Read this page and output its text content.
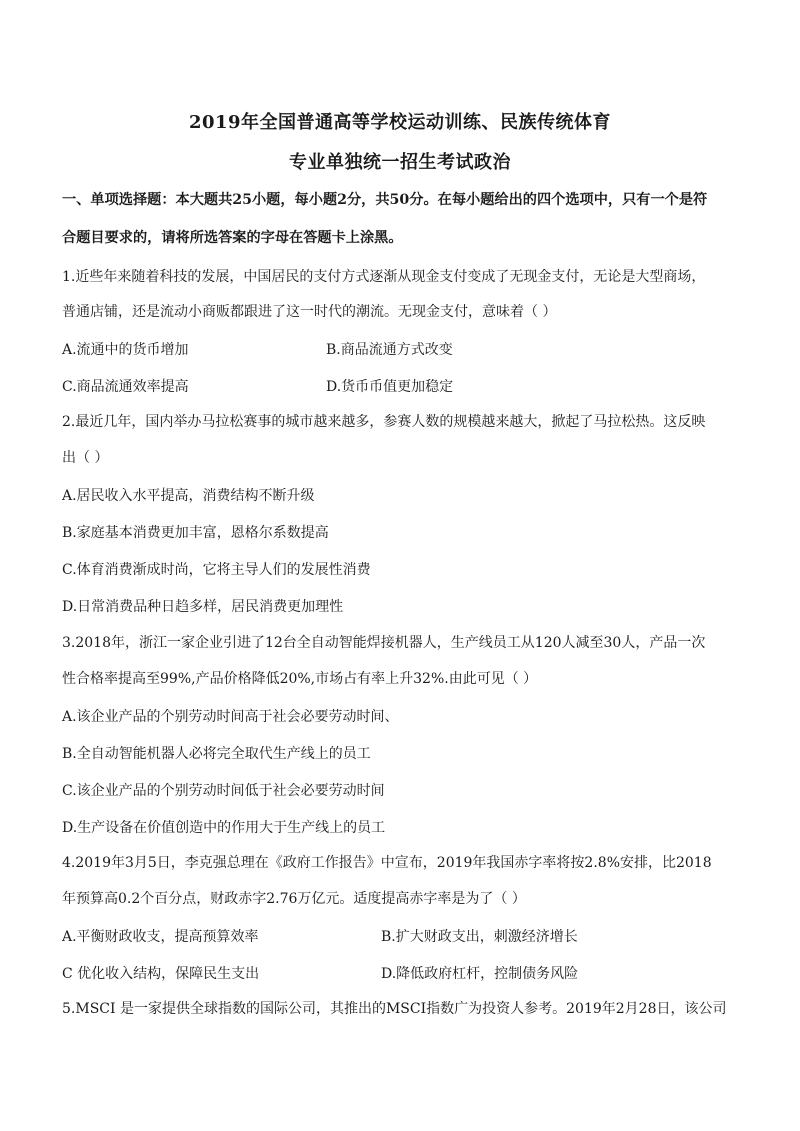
2019年全国普通高等学校运动训练、民族传统体育
专业单独统一招生考试政治
一、单项选择题：本大题共25小题，每小题2分，共50分。在每小题给出的四个选项中，只有一个是符
合题目要求的，请将所选答案的字母在答题卡上涂黑。
1.近些年来随着科技的发展，中国居民的支付方式逐渐从现金支付变成了无现金支付，无论是大型商场，
普通店铺，还是流动小商贩都跟进了这一时代的潮流。无现金支付，意味着（ ）
A.流通中的货币增加	B.商品流通方式改变
C.商品流通效率提高	D.货币币值更加稳定
2.最近几年，国内举办马拉松赛事的城市越来越多，参赛人数的规模越来越大，掀起了马拉松热。这反映
出（ ）
A.居民收入水平提高，消费结构不断升级
B.家庭基本消费更加丰富，恩格尔系数提高
C.体育消费渐成时尚，它将主导人们的发展性消费
D.日常消费品种日趋多样，居民消费更加理性
3.2018年，浙江一家企业引进了12台全自动智能焊接机器人，生产线员工从120人减至30人，产品一次
性合格率提高至99%,产品价格降低20%,市场占有率上升32%.由此可见（ ）
A.该企业产品的个别劳动时间高于社会必要劳动时间、
B.全自动智能机器人必将完全取代生产线上的员工
C.该企业产品的个别劳动时间低于社会必要劳动时间
D.生产设备在价值创造中的作用大于生产线上的员工
4.2019年3月5日，李克强总理在《政府工作报告》中宣布，2019年我国赤字率将按2.8%安排，比2018
年预算高0.2个百分点，财政赤字2.76万亿元。适度提高赤字率是为了（ ）
A.平衡财政收支，提高预算效率	B.扩大财政支出，刺激经济增长
C 优化收入结构，保障民生支出	D.降低政府杠杆，控制债务风险
5.MSCI 是一家提供全球指数的国际公司，其推出的MSCI指数广为投资人参考。2019年2月28日，该公司
